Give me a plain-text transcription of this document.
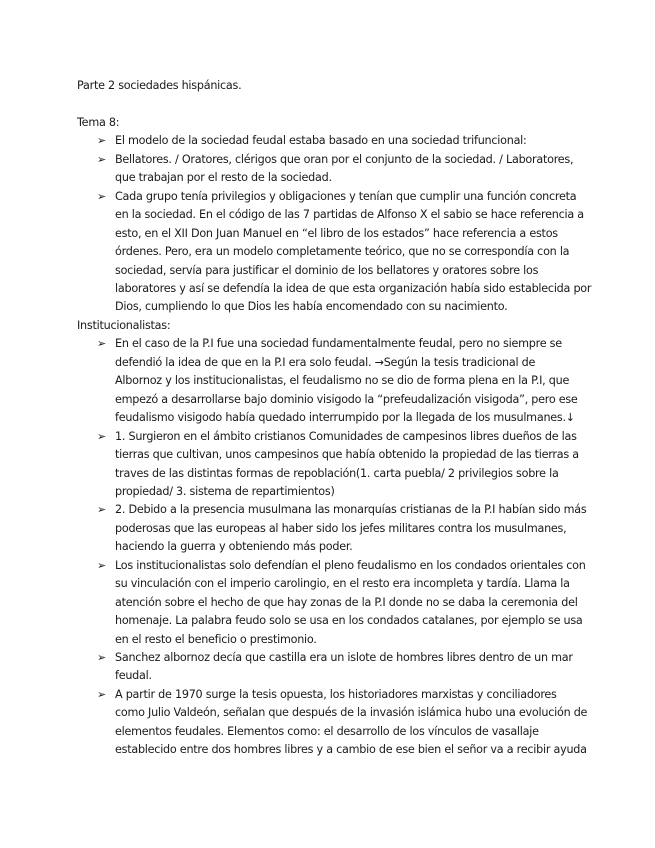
Parte 2 sociedades hispánicas.
Tema 8:
➢ El modelo de la sociedad feudal estaba basado en una sociedad trifuncional:
➢ Bellatores. / Oratores, clérigos que oran por el conjunto de la sociedad. / Laboratores,
que trabajan por el resto de la sociedad.
➢ Cada grupo tenía privilegios y obligaciones y tenían que cumplir una función concreta
en la sociedad. En el código de las 7 partidas de Alfonso X el sabio se hace referencia a
esto, en el XII Don Juan Manuel en “el libro de los estados” hace referencia a estos
órdenes. Pero, era un modelo completamente teórico, que no se correspondía con la
sociedad, servía para justificar el dominio de los bellatores y oratores sobre los
laboratores y así se defendía la idea de que esta organización había sido establecida por
Dios, cumpliendo lo que Dios les había encomendado con su nacimiento.
Institucionalistas:
➢ En el caso de la P.I fue una sociedad fundamentalmente feudal, pero no siempre se
defendió la idea de que en la P.I era solo feudal. →Según la tesis tradicional de
Albornoz y los institucionalistas, el feudalismo no se dio de forma plena en la P.I, que
empezó a desarrollarse bajo dominio visigodo la “prefeudalización visigoda”, pero ese
feudalismo visigodo había quedado interrumpido por la llegada de los musulmanes.↓
➢ 1. Surgieron en el ámbito cristianos Comunidades de campesinos libres dueños de las
tierras que cultivan, unos campesinos que había obtenido la propiedad de las tierras a
traves de las distintas formas de repoblación(1. carta puebla/ 2 privilegios sobre la
propiedad/ 3. sistema de repartimientos)
➢ 2. Debido a la presencia musulmana las monarquías cristianas de la P.I habían sido más
poderosas que las europeas al haber sido los jefes militares contra los musulmanes,
haciendo la guerra y obteniendo más poder.
➢ Los institucionalistas solo defendían el pleno feudalismo en los condados orientales con
su vinculación con el imperio carolingio, en el resto era incompleta y tardía. Llama la
atención sobre el hecho de que hay zonas de la P.I donde no se daba la ceremonia del
homenaje. La palabra feudo solo se usa en los condados catalanes, por ejemplo se usa
en el resto el beneficio o prestimonio.
➢ Sanchez albornoz decía que castilla era un islote de hombres libres dentro de un mar
feudal.
➢ A partir de 1970 surge la tesis opuesta, los historiadores marxistas y conciliadores
como Julio Valdeón, señalan que después de la invasión islámica hubo una evolución de
elementos feudales. Elementos como: el desarrollo de los vínculos de vasallaje
establecido entre dos hombres libres y a cambio de ese bien el señor va a recibir ayuda
